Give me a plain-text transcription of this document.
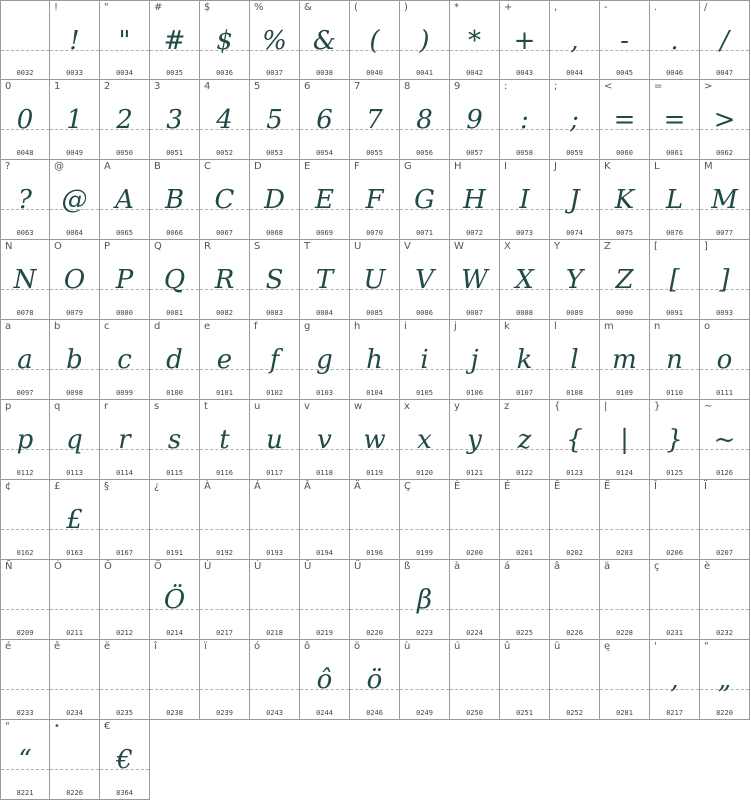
0032
!
!
0033
"
"
0034
#
#
0035
$
$
0036
%
%
0037
&
&
0038
(
(
0040
)
)
0041
*
*
0042
+
+
0043
,
,
0044
-
-
0045
.
.
0046
/
/
0047
0
0
0048
1
1
0049
2
2
0050
3
3
0051
4
4
0052
5
5
0053
6
6
0054
7
7
0055
8
8
0056
9
9
0057
:
:
0058
;
;
0059
<
=
0060
=
=
0061
>
>
0062
?
?
0063
@
@
0064
A
A
0065
B
B
0066
C
C
0067
D
D
0068
E
E
0069
F
F
0070
G
G
0071
H
H
0072
I
I
0073
J
J
0074
K
K
0075
L
L
0076
M
M
0077
N
N
0078
O
O
0079
P
P
0080
Q
Q
0081
R
R
0082
S
S
0083
T
T
0084
U
U
0085
V
V
0086
W
W
0087
X
X
0088
Y
Y
0089
Z
Z
0090
[
[
0091
]
]
0093
a
a
0097
b
b
0098
c
c
0099
d
d
0100
e
e
0101
f
f
0102
g
g
0103
h
h
0104
i
i
0105
j
j
0106
k
k
0107
l
l
0108
m
m
0109
n
n
0110
o
o
0111
p
p
0112
q
q
0113
r
r
0114
s
s
0115
t
t
0116
u
u
0117
v
v
0118
w
w
0119
x
x
0120
y
y
0121
z
z
0122
{
{
0123
|
|
0124
}
}
0125
~
~
0126
¢
0162
£
£
0163
§
0167
¿
0191
À
0192
Á
0193
Â
0194
Ä
0196
Ç
0199
È
0200
É
0201
Ê
0202
Ë
0203
Î
0206
Ï
0207
Ñ
0209
Ó
0211
Ô
0212
Ö
Ö
0214
Ù
0217
Ú
0218
Û
0219
Ü
0220
ß
β
0223
à
0224
á
0225
â
0226
ä
0228
ç
0231
è
0232
é
0233
ê
0234
ë
0235
î
0238
ï
0239
ó
0243
ô
ô
0244
ö
ö
0246
ù
0249
ú
0250
û
0251
ü
0252
ę
0281
'
,
8217
"
„
8220
"
“
8221
•
8226
€
€
8364
